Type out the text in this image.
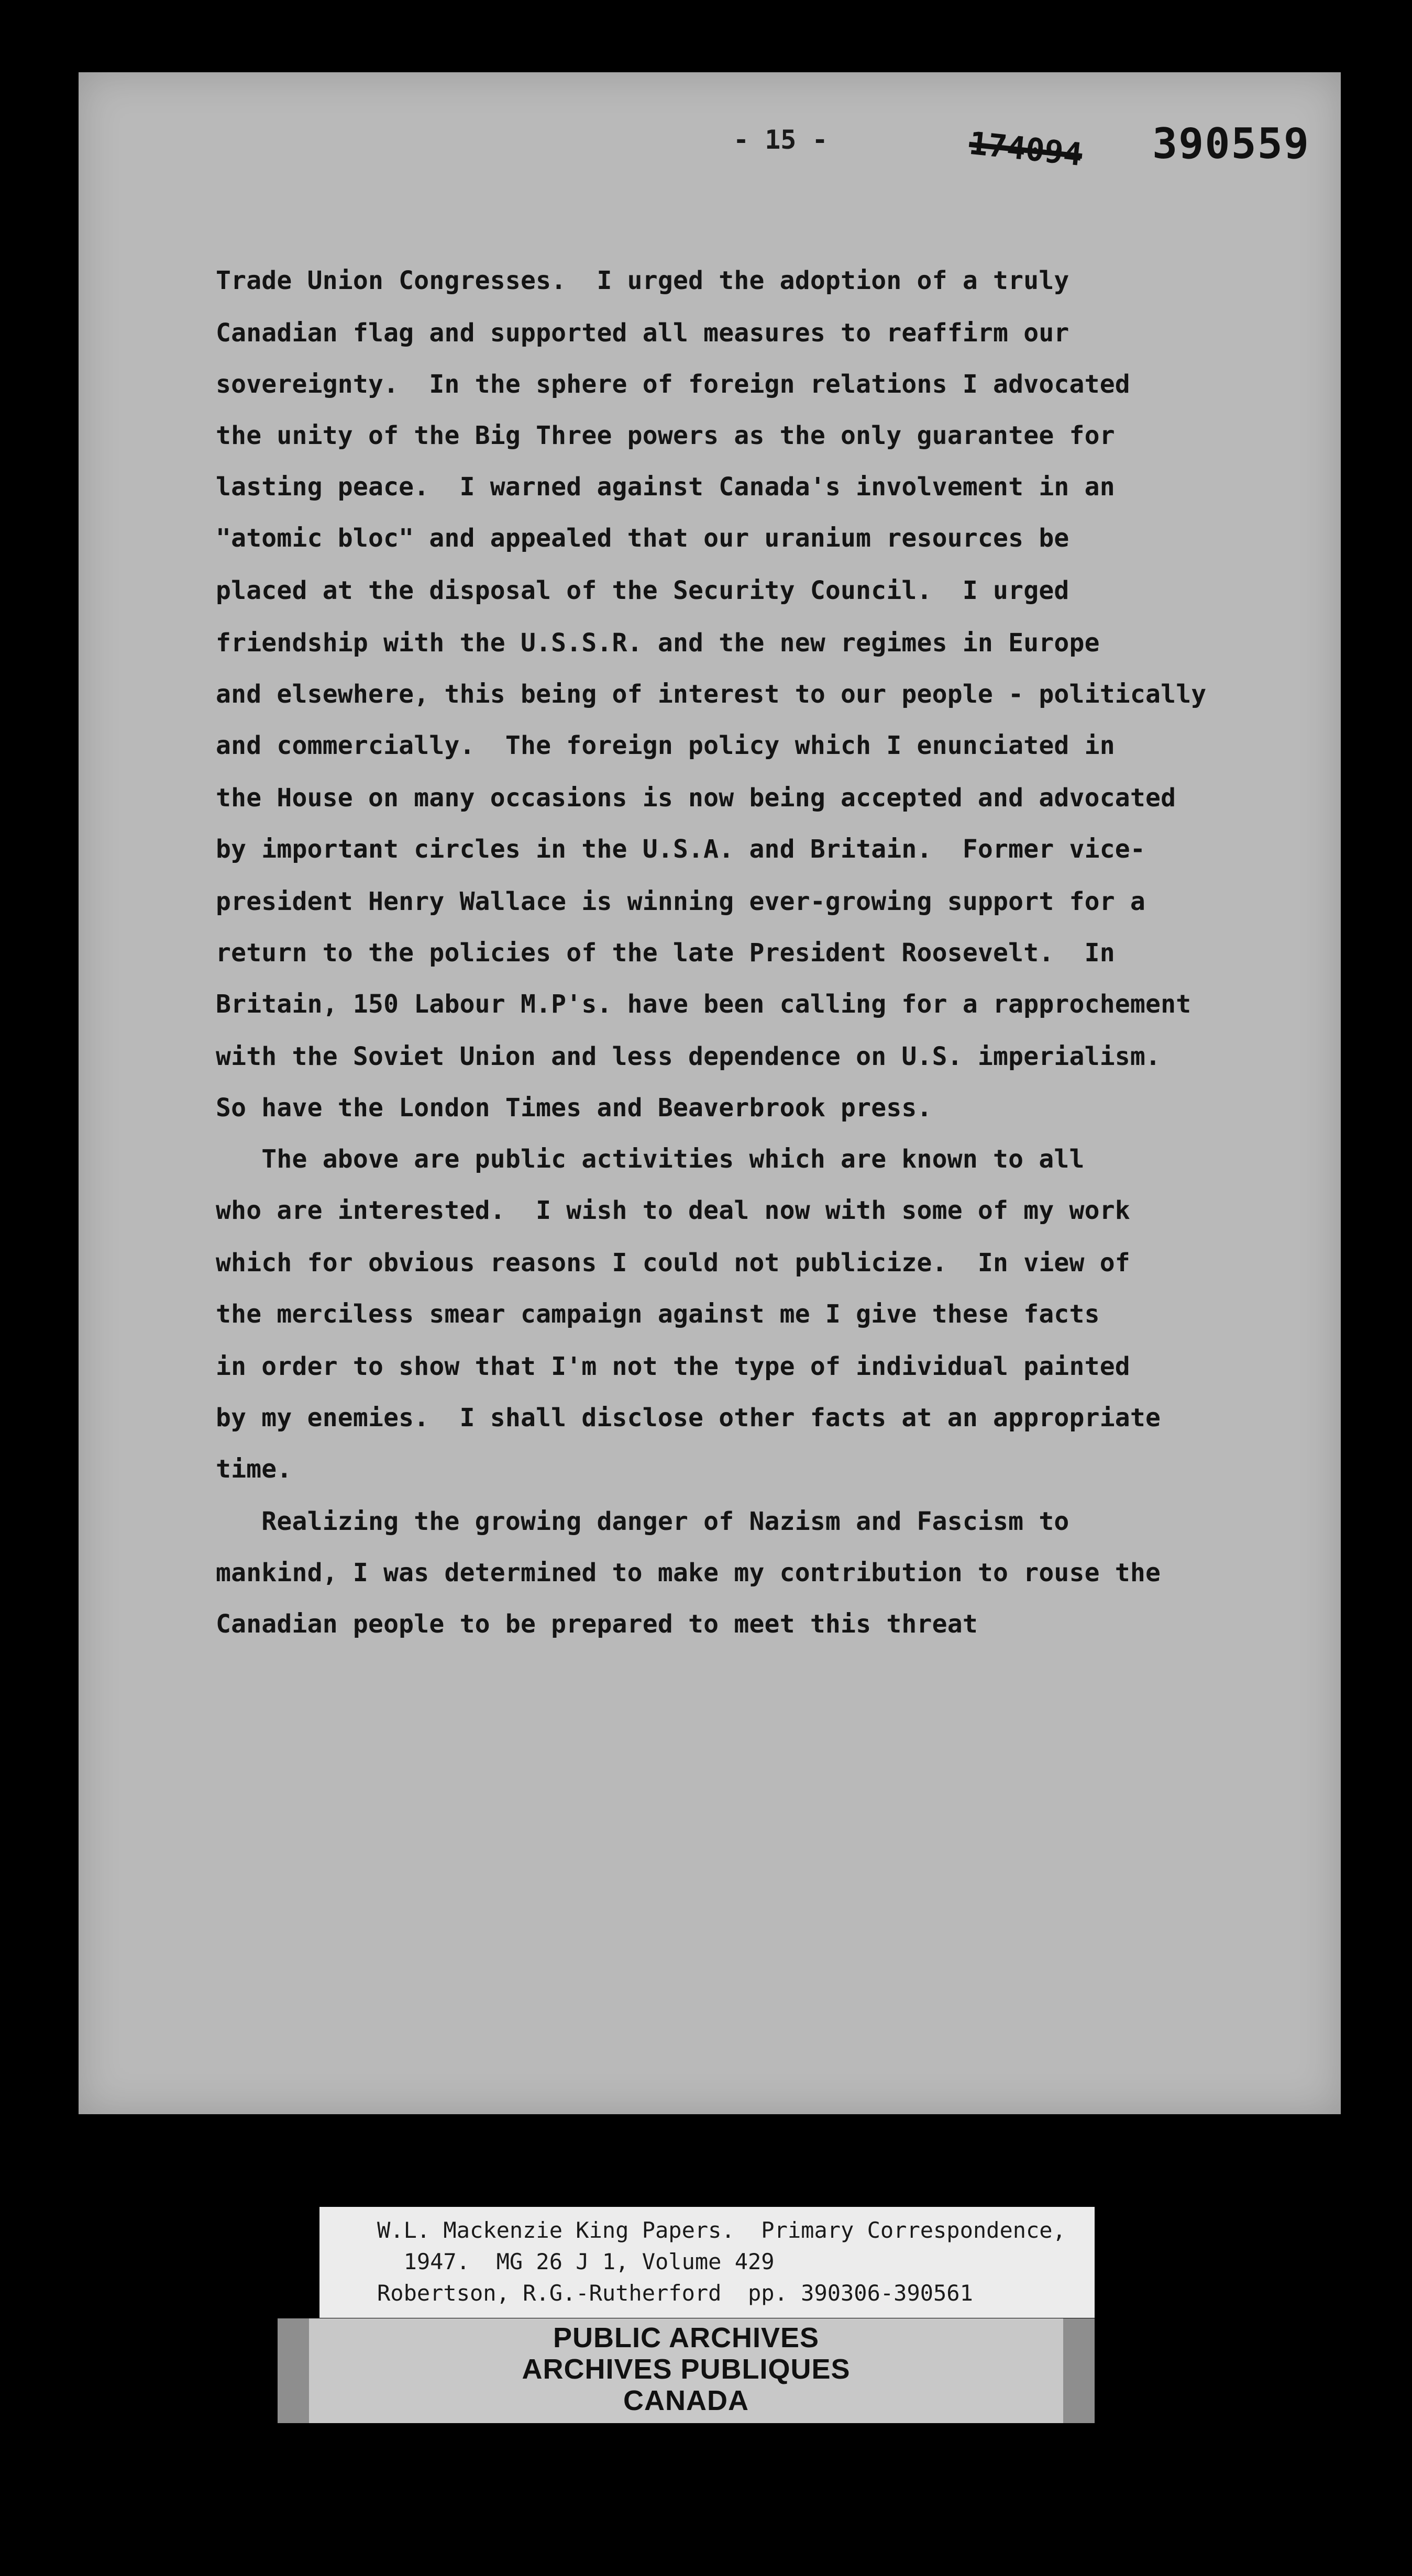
- 15 -	174094 390559
Trade Union Congresses.  I urged the adoption of a truly
Canadian flag and supported all measures to reaffirm our
sovereignty.  In the sphere of foreign relations I advocated
the unity of the Big Three powers as the only guarantee for
lasting peace.  I warned against Canada's involvement in an
"atomic bloc" and appealed that our uranium resources be
placed at the disposal of the Security Council.  I urged
friendship with the U.S.S.R. and the new regimes in Europe
and elsewhere, this being of interest to our people - politically
and commercially.  The foreign policy which I enunciated in
the House on many occasions is now being accepted and advocated
by important circles in the U.S.A. and Britain.  Former vice-
president Henry Wallace is winning ever-growing support for a
return to the policies of the late President Roosevelt.  In
Britain, 150 Labour M.P's. have been calling for a rapprochement
with the Soviet Union and less dependence on U.S. imperialism.
So have the London Times and Beaverbrook press.
The above are public activities which are known to all
who are interested.  I wish to deal now with some of my work
which for obvious reasons I could not publicize.  In view of
the merciless smear campaign against me I give these facts
in order to show that I'm not the type of individual painted
by my enemies.  I shall disclose other facts at an appropriate
time.
Realizing the growing danger of Nazism and Fascism to
mankind, I was determined to make my contribution to rouse the
Canadian people to be prepared to meet this threat
PUBLIC ARCHIVES
ARCHIVES PUBLIQUES
CANADA
W.L. Mackenzie King Papers.  Primary Correspondence,
1947.  MG 26 J 1, Volume 429
Robertson, R.G.-Rutherford  pp. 390306-390561
